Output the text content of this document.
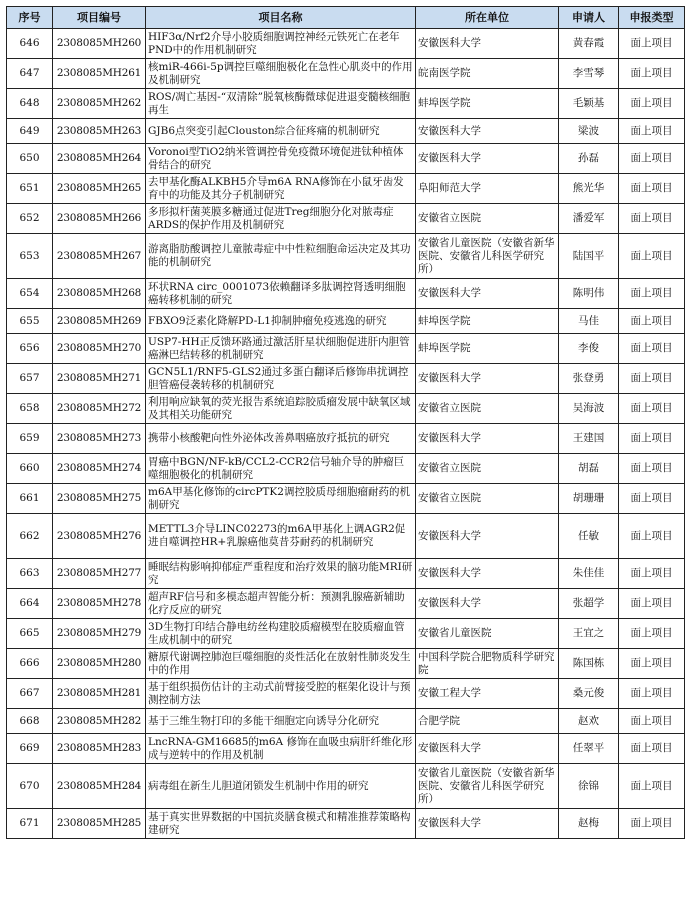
序号	项目编号	项目名称	所在单位	申请人	申报类型
646	2308085MH260	HIF3α/Nrf2介导小胶质细胞调控神经元铁死亡在老年PND中的作用机制研究	安徽医科大学	黄春霞	面上项目
647	2308085MH261	核miR-466i-5p调控巨噬细胞极化在急性心肌炎中的作用及机制研究	皖南医学院	李雪琴	面上项目
648	2308085MH262	ROS/凋亡基因-“双清除”脱氧核酶微球促进退变髓核细胞再生	蚌埠医学院	毛颖基	面上项目
649	2308085MH263	GJB6点突变引起Clouston综合征疼痛的机制研究	安徽医科大学	梁波	面上项目
650	2308085MH264	Voronoi型TiO2纳米管调控骨免疫微环境促进钛种植体骨结合的研究	安徽医科大学	孙磊	面上项目
651	2308085MH265	去甲基化酶ALKBH5介导m6A RNA修饰在小鼠牙齿发育中的功能及其分子机制研究	阜阳师范大学	熊光华	面上项目
652	2308085MH266	多形拟杆菌荚膜多糖通过促进Treg细胞分化对脓毒症ARDS的保护作用及机制研究	安徽省立医院	潘爱军	面上项目
653	2308085MH267	游离脂肪酸调控儿童脓毒症中中性粒细胞命运决定及其功能的机制研究	安徽省儿童医院（安徽省新华医院、安徽省儿科医学研究所）	陆国平	面上项目
654	2308085MH268	环状RNA circ_0001073依赖翻译多肽调控肾透明细胞癌转移机制的研究	安徽医科大学	陈明伟	面上项目
655	2308085MH269	FBXO9泛素化降解PD-L1抑制肿瘤免疫逃逸的研究	蚌埠医学院	马佳	面上项目
656	2308085MH270	USP7-HH正反馈环路通过激活肝星状细胞促进肝内胆管癌淋巴结转移的机制研究	蚌埠医学院	李俊	面上项目
657	2308085MH271	GCN5L1/RNF5-GLS2通过多蛋白翻译后修饰串扰调控胆管癌侵袭转移的机制研究	安徽医科大学	张登勇	面上项目
658	2308085MH272	利用响应缺氧的荧光报告系统追踪胶质瘤发展中缺氧区域及其相关功能研究	安徽省立医院	吴海波	面上项目
659	2308085MH273	携带小核酸靶向性外泌体改善鼻咽癌放疗抵抗的研究	安徽医科大学	王建国	面上项目
660	2308085MH274	胃癌中BGN/NF-kB/CCL2-CCR2信号轴介导的肿瘤巨噬细胞极化的机制研究	安徽省立医院	胡磊	面上项目
661	2308085MH275	m6A甲基化修饰的circPTK2调控胶质母细胞瘤耐药的机制研究	安徽省立医院	胡珊珊	面上项目
662	2308085MH276	METTL3介导LINC02273的m6A甲基化上调AGR2促进自噬调控HR+乳腺癌他莫昔芬耐药的机制研究	安徽医科大学	任敏	面上项目
663	2308085MH277	睡眠结构影响抑郁症严重程度和治疗效果的脑功能MRI研究	安徽医科大学	朱佳佳	面上项目
664	2308085MH278	超声RF信号和多模态超声智能分析：预测乳腺癌新辅助化疗反应的研究	安徽医科大学	张超学	面上项目
665	2308085MH279	3D生物打印结合静电纺丝构建胶质瘤模型在胶质瘤血管生成机制中的研究	安徽省儿童医院	王宜之	面上项目
666	2308085MH280	糖原代谢调控肺泡巨噬细胞的炎性活化在放射性肺炎发生中的作用	中国科学院合肥物质科学研究院	陈国栋	面上项目
667	2308085MH281	基于组织损伤估计的主动式前臂接受腔的框架化设计与预测控制方法	安徽工程大学	桑元俊	面上项目
668	2308085MH282	基于三维生物打印的多能干细胞定向诱导分化研究	合肥学院	赵欢	面上项目
669	2308085MH283	LncRNA-GM16685的m6A 修饰在血吸虫病肝纤维化形成与逆转中的作用及机制	安徽医科大学	任翠平	面上项目
670	2308085MH284	病毒组在新生儿胆道闭锁发生机制中作用的研究	安徽省儿童医院（安徽省新华医院、安徽省儿科医学研究所）	徐锦	面上项目
671	2308085MH285	基于真实世界数据的中国抗炎膳食模式和精准推荐策略构建研究	安徽医科大学	赵梅	面上项目
